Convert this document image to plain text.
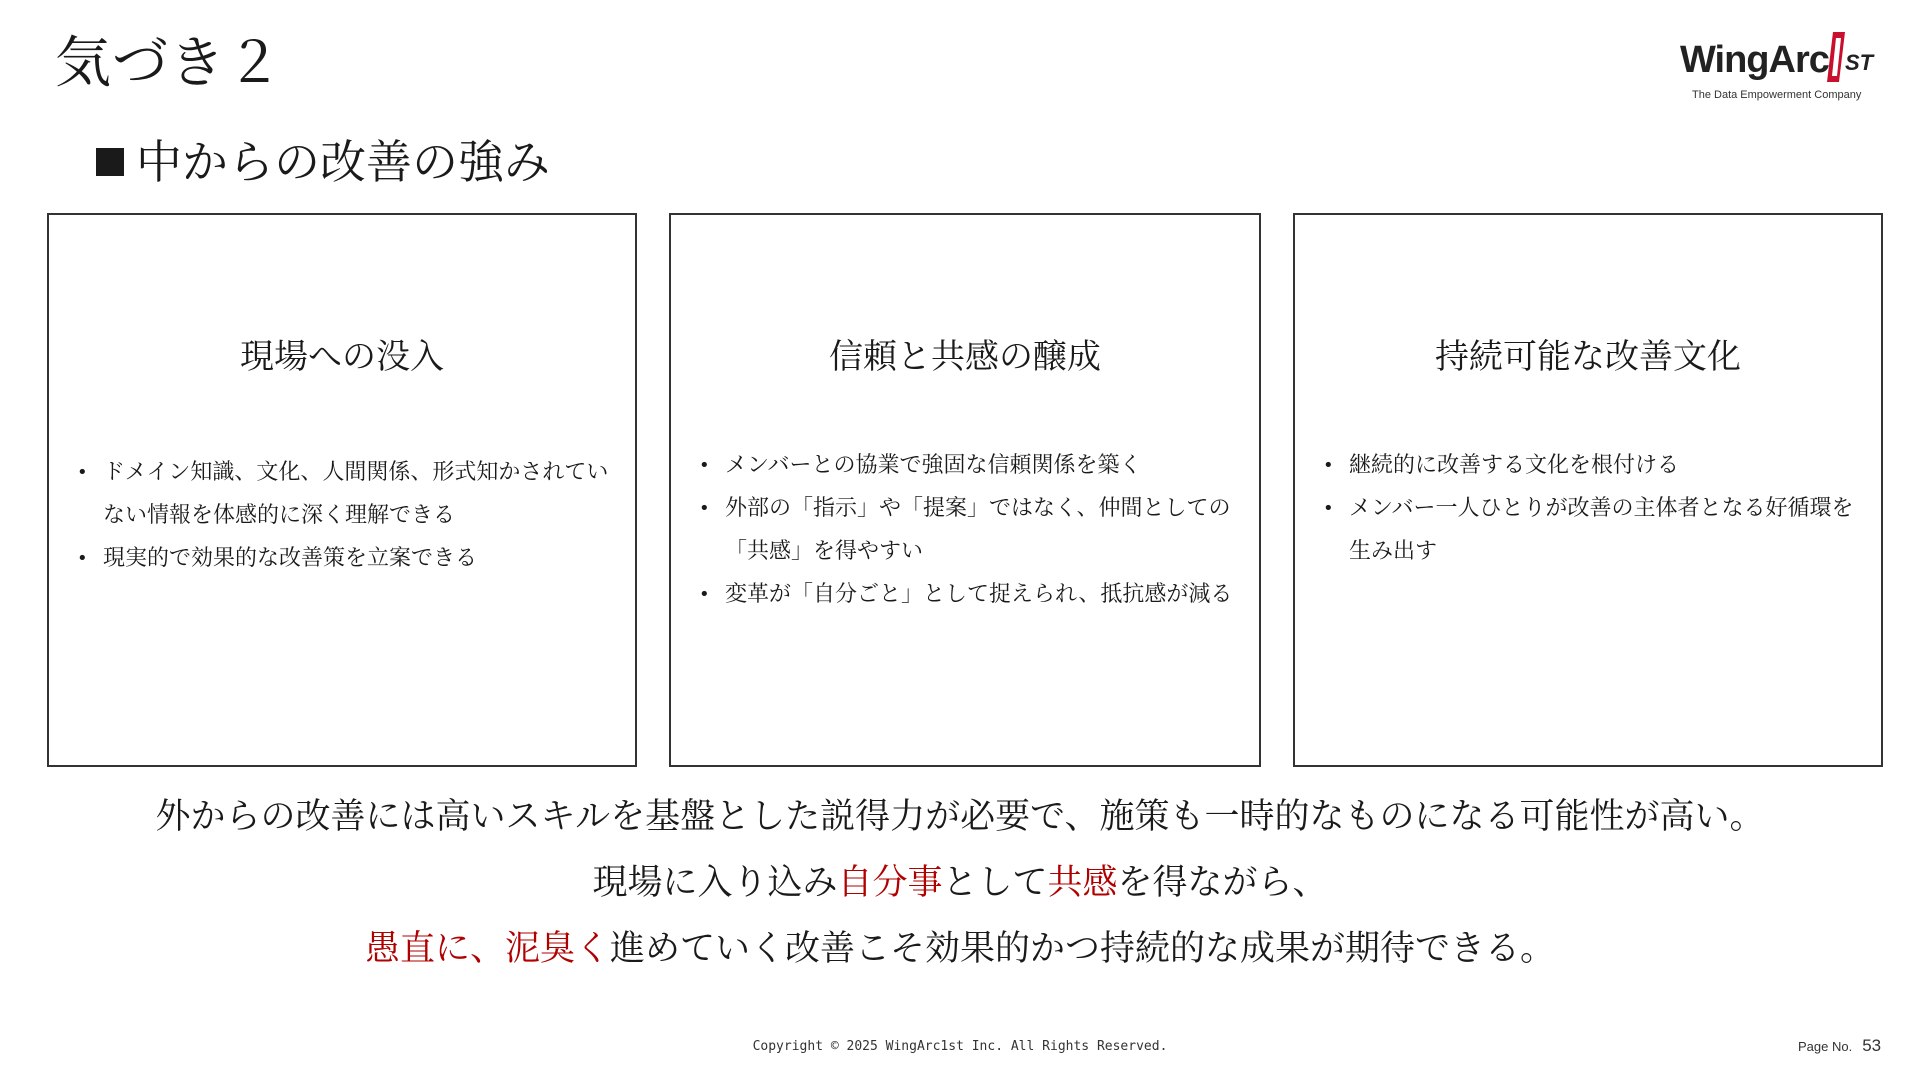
気づき２	WingArc ST
The Data Empowerment Company
中からの改善の強み
現場への没入
• ドメイン知識、文化、人間関係、形式知かされていない情報を体感的に深く理解できる
• 現実的で効果的な改善策を立案できる
信頼と共感の醸成
• メンバーとの協業で強固な信頼関係を築く
• 外部の「指示」や「提案」ではなく、仲間としての「共感」を得やすい
• 変革が「自分ごと」として捉えられ、抵抗感が減る
持続可能な改善文化
• 継続的に改善する文化を根付ける
• メンバー一人ひとりが改善の主体者となる好循環を生み出す
外からの改善には高いスキルを基盤とした説得力が必要で、施策も一時的なものになる可能性が高い。
現場に入り込み自分事として共感を得ながら、
愚直に、泥臭く進めていく改善こそ効果的かつ持続的な成果が期待できる。
Copyright © 2025 WingArc1st Inc. All Rights Reserved.	Page No. 53
